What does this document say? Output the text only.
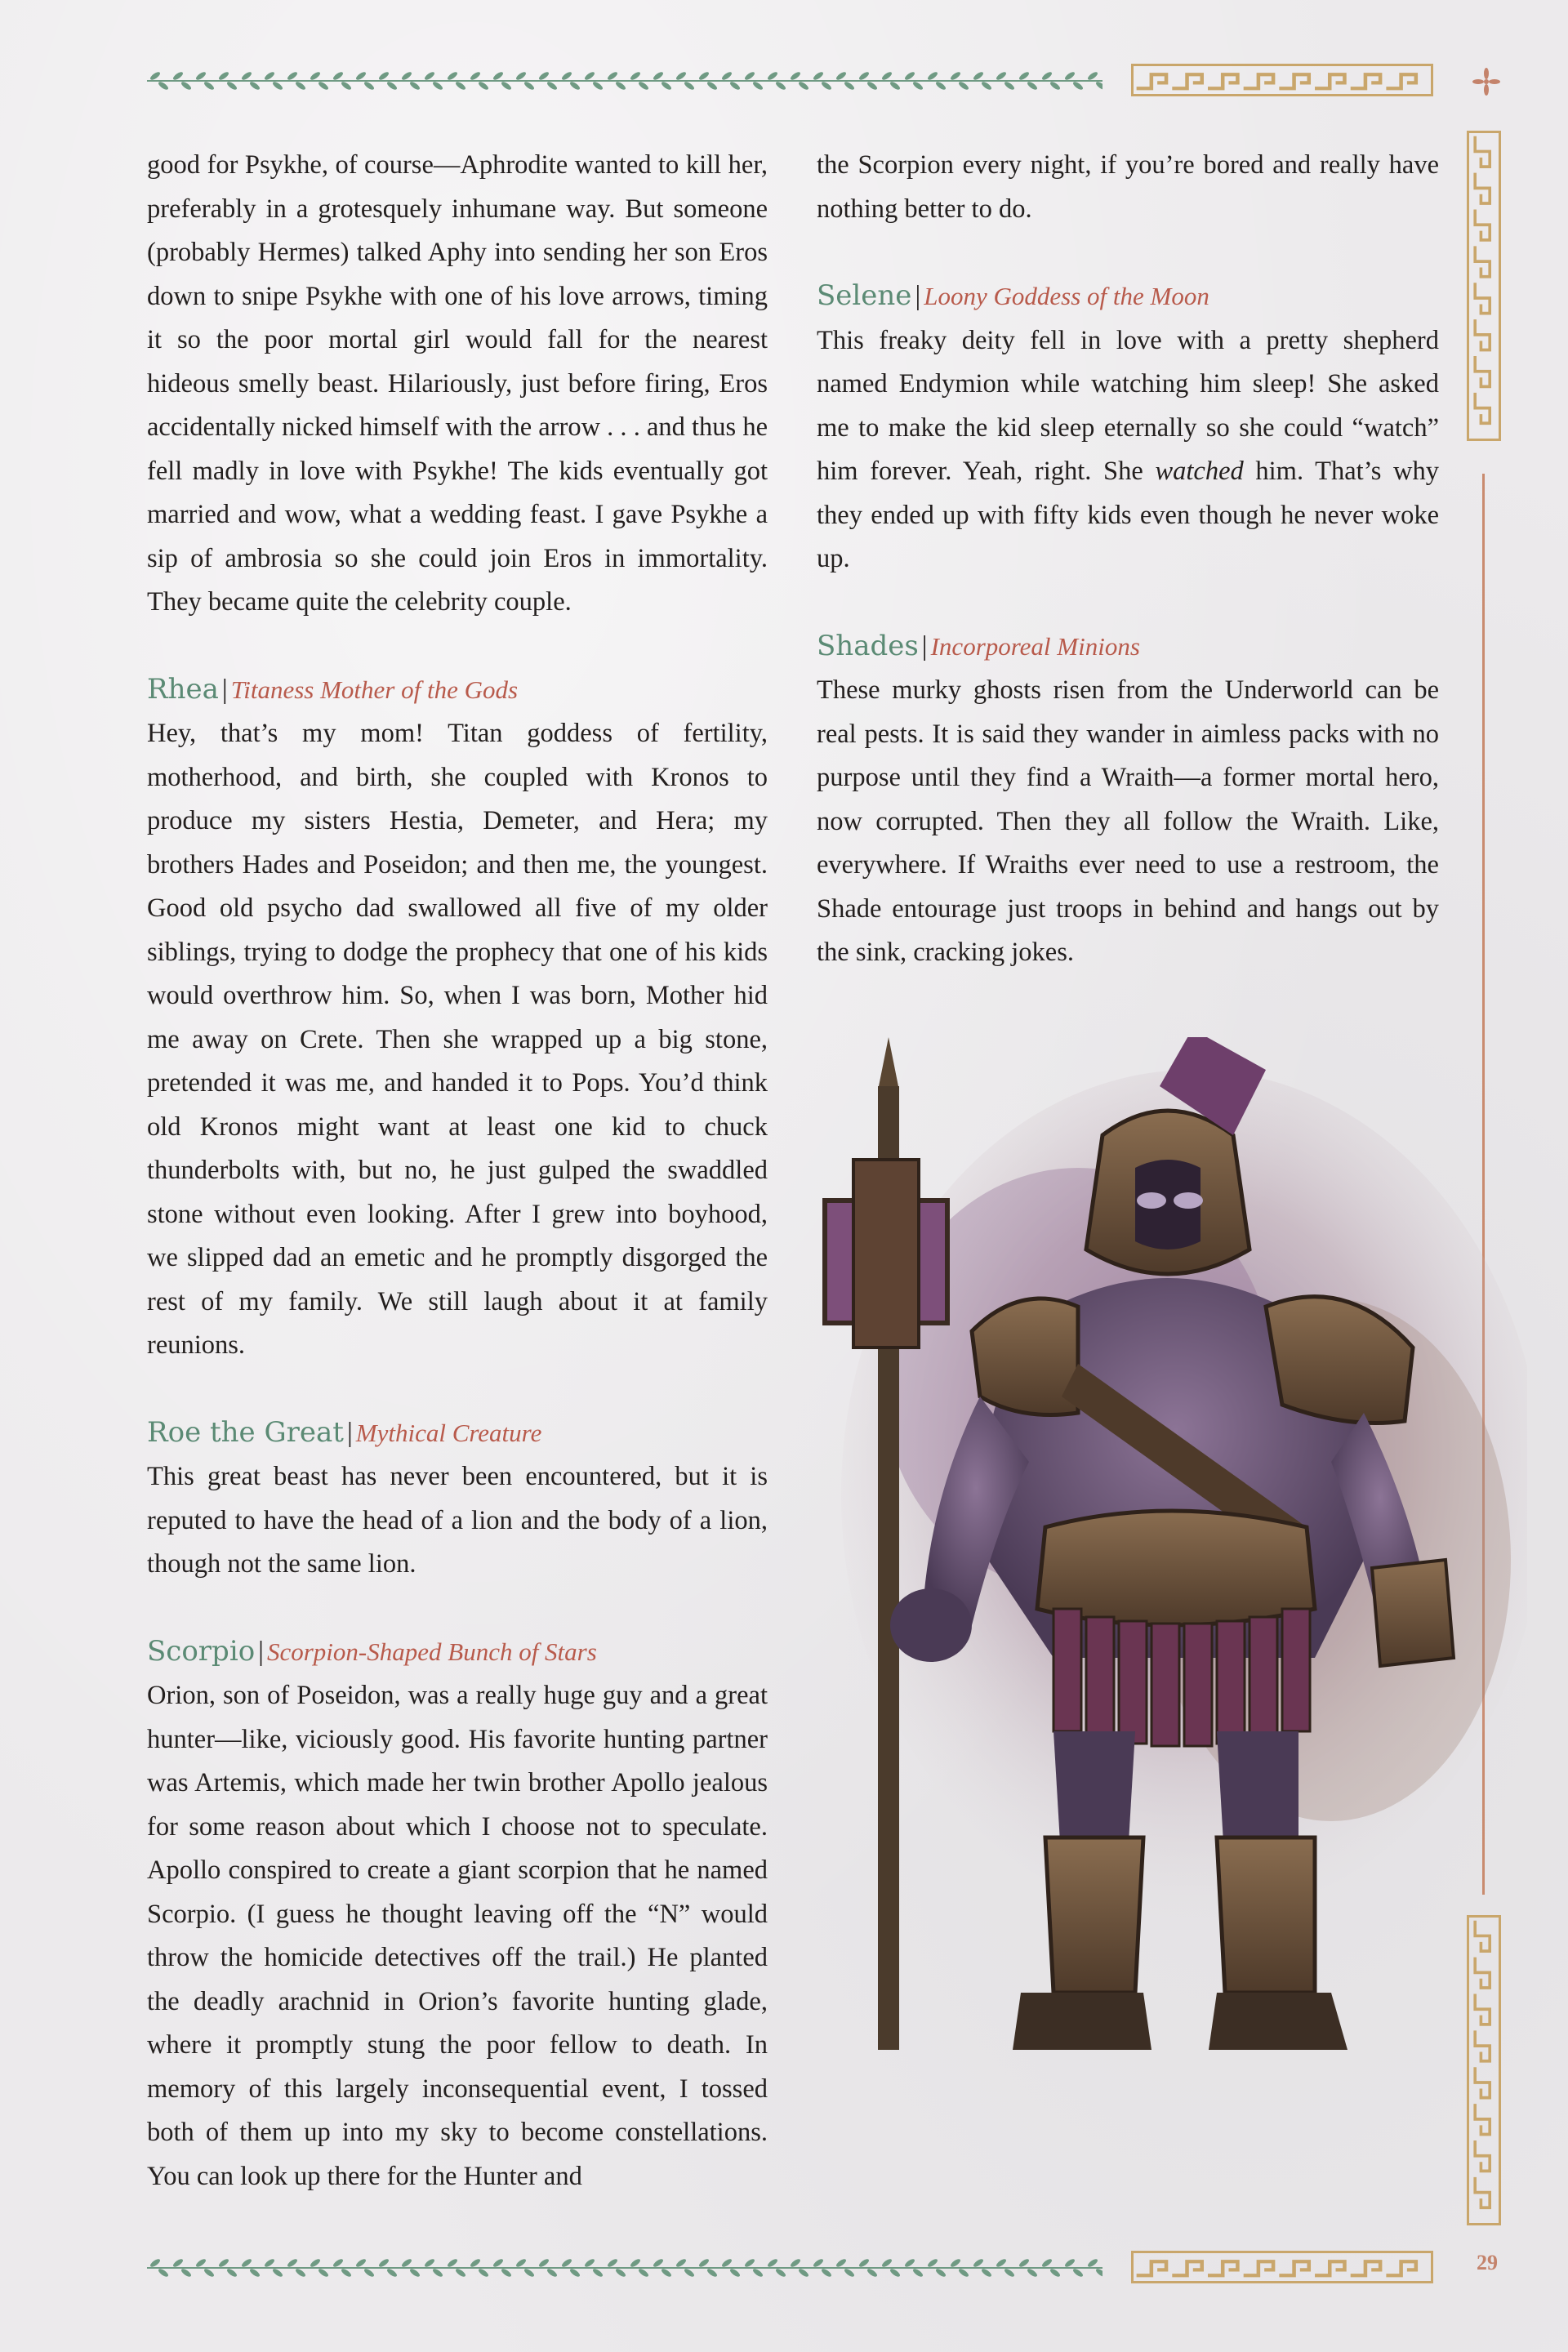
good for Psykhe, of course—Aphrodite wanted to kill her, preferably in a grotesquely inhumane way. But someone (probably Hermes) talked Aphy into sending her son Eros down to snipe Psykhe with one of his love arrows, timing it so the poor mortal girl would fall for the nearest hideous smelly beast. Hilariously, just before firing, Eros accidentally nicked himself with the arrow . . . and thus he fell madly in love with Psykhe! The kids eventually got married and wow, what a wedding feast. I gave Psykhe a sip of ambrosia so she could join Eros in immortality. They became quite the celebrity couple.

Rhea | Titaness Mother of the Gods

Hey, that’s my mom! Titan goddess of fertility, motherhood, and birth, she coupled with Kronos to produce my sisters Hestia, Demeter, and Hera; my brothers Hades and Poseidon; and then me, the youngest. Good old psycho dad swallowed all five of my older siblings, trying to dodge the prophecy that one of his kids would overthrow him. So, when I was born, Mother hid me away on Crete. Then she wrapped up a big stone, pretended it was me, and handed it to Pops. You’d think old Kronos might want at least one kid to chuck thunderbolts with, but no, he just gulped the swaddled stone without even looking. After I grew into boyhood, we slipped dad an emetic and he promptly disgorged the rest of my family. We still laugh about it at family reunions.

Roe the Great | Mythical Creature

This great beast has never been encountered, but it is reputed to have the head of a lion and the body of a lion, though not the same lion.

Scorpio | Scorpion-Shaped Bunch of Stars

Orion, son of Poseidon, was a really huge guy and a great hunter—like, viciously good. His favorite hunting partner was Artemis, which made her twin brother Apollo jealous for some reason about which I choose not to speculate. Apollo conspired to create a giant scorpion that he named Scorpio. (I guess he thought leaving off the “N” would throw the homicide detectives off the trail.) He planted the deadly arachnid in Orion’s favorite hunting glade, where it promptly stung the poor fellow to death. In memory of this largely inconsequential event, I tossed both of them up into my sky to become constellations. You can look up there for the Hunter and

the Scorpion every night, if you’re bored and really have nothing better to do.

Selene | Loony Goddess of the Moon

This freaky deity fell in love with a pretty shepherd named Endymion while watching him sleep! She asked me to make the kid sleep eternally so she could “watch” him forever. Yeah, right. She watched him. That’s why they ended up with fifty kids even though he never woke up.

Shades | Incorporeal Minions

These murky ghosts risen from the Underworld can be real pests. It is said they wander in aimless packs with no purpose until they find a Wraith—a former mortal hero, now corrupted. Then they all follow the Wraith. Like, everywhere. If Wraiths ever need to use a restroom, the Shade entourage just troops in behind and hangs out by the sink, cracking jokes.

29
